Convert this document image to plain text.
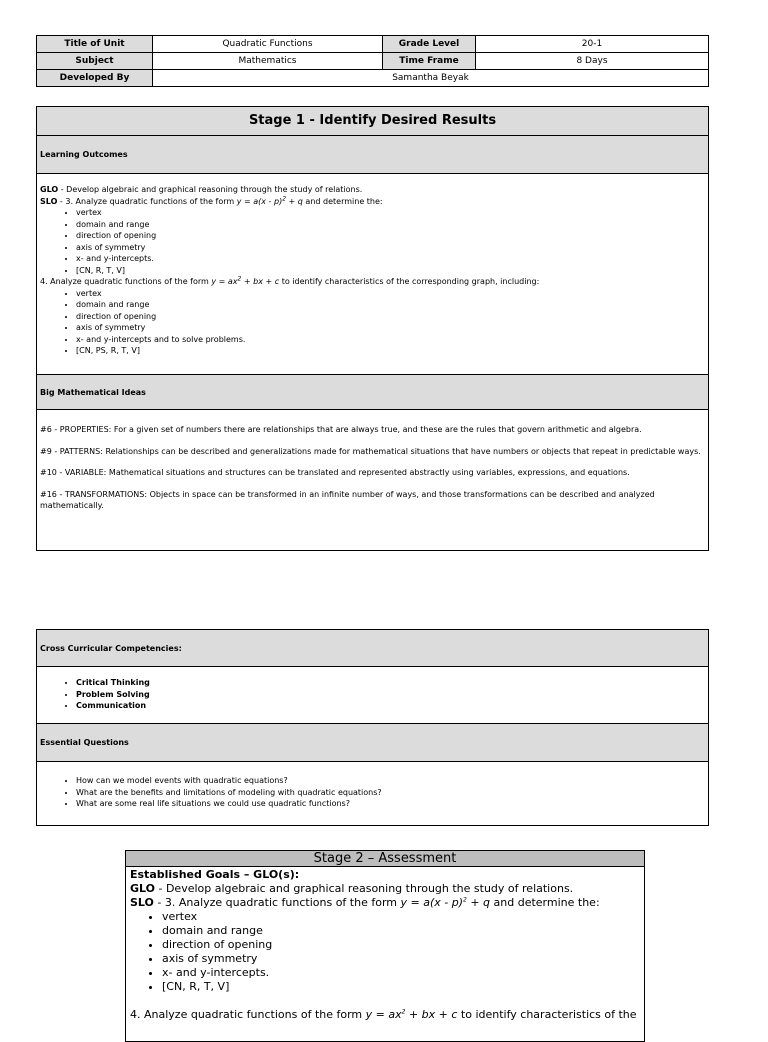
Title of Unit	Quadratic Functions	Grade Level	20-1
Subject	Mathematics	Time Frame	8 Days
Developed By	Samantha Beyak		
Stage 1 - Identify Desired Results
Learning Outcomes
GLO - Develop algebraic and graphical reasoning through the study of relations.
SLO - 3. Analyze quadratic functions of the form y = a(x - p)$^2$ + q and determine the:
• vertex
• domain and range
• direction of opening
• axis of symmetry
• x- and y-intercepts.
• [CN, R, T, V]
4. Analyze quadratic functions of the form $y = ax^2$ + bx + c to identify characteristics of the corresponding graph, including:
• vertex
• domain and range
• direction of opening
• axis of symmetry
• x- and y-intercepts and to solve problems.
• [CN, PS, R, T, V]
Big Mathematical Ideas
#6 - PROPERTIES: For a given set of numbers there are relationships that are always true, and these are the rules that govern arithmetic and algebra.
#9 - PATTERNS: Relationships can be described and generalizations made for mathematical situations that have numbers or objects that repeat in predictable ways.
#10 - VARIABLE: Mathematical situations and structures can be translated and represented abstractly using variables, expressions, and equations.
#16 - TRANSFORMATIONS: Objects in space can be transformed in an infinite number of ways, and those transformations can be described and analyzed mathematically.
Cross Curricular Competencies:
• Critical Thinking
• Problem Solving
• Communication
Essential Questions
• How can we model events with quadratic equations?
• What are the benefits and limitations of modeling with quadratic equations?
• What are some real life situations we could use quadratic functions?
Stage 2 – Assessment
Established Goals – GLO(s):
GLO - Develop algebraic and graphical reasoning through the study of relations.
SLO - 3. Analyze quadratic functions of the form y = a(x - p)$^2$ + q and determine the:
• vertex
• domain and range
• direction of opening
• axis of symmetry
• x- and y-intercepts.
• [CN, R, T, V]
4. Analyze quadratic functions of the form $y = ax^2$ + bx + c to identify characteristics of the
